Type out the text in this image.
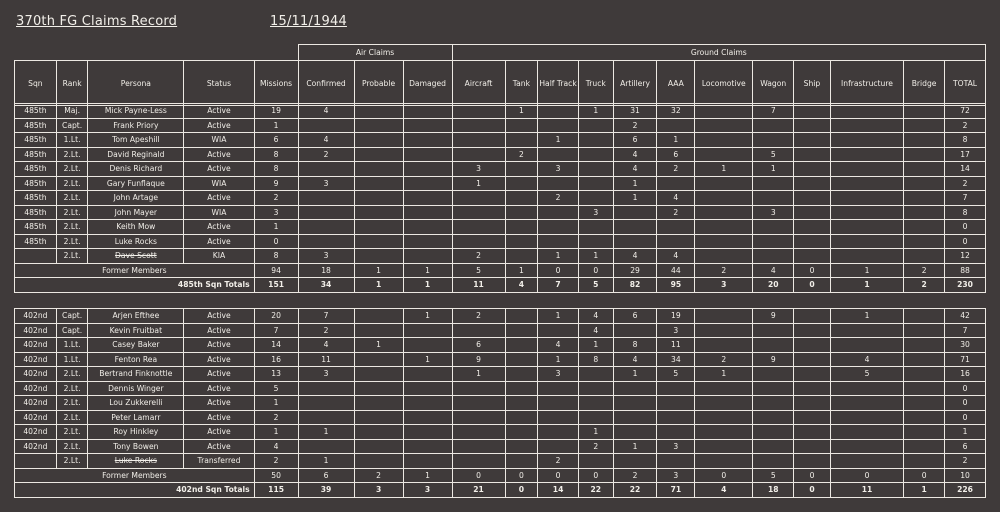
370th FG Claims Record	15/11/1944
					Air Claims			Ground Claims											
Sqn	Rank	Persona	Status	Missions	Confirmed	Probable	Damaged	Aircraft	Tank	Half Track	Truck	Artillery	AAA	Locomotive	Wagon	Ship	Infrastructure	Bridge	TOTAL
485th	Maj.	Mick Payne-Less	Active	19	4				1		1	31	32		7				72
485th	Capt.	Frank Priory	Active	1								2							2
485th	1.Lt.	Tom Apeshill	WIA	6	4					1		6	1						8
485th	2.Lt.	David Reginald	Active	8	2				2			4	6		5				17
485th	2.Lt.	Denis Richard	Active	8				3		3		4	2	1	1				14
485th	2.Lt.	Gary Funflaque	WIA	9	3			1				1							2
485th	2.Lt.	John Artage	Active	2						2		1	4						7
485th	2.Lt.	John Mayer	WIA	3							3		2		3				8
485th	2.Lt.	Keith Mow	Active	1															0
485th	2.Lt.	Luke Rocks	Active	0															0
	2.Lt.	Dave Scott	KIA	8	3			2		1	1	4	4						12
Former Members				94	18	1	1	5	1	0	0	29	44	2	4	0	1	2	88
485th Sqn Totals				151	34	1	1	11	4	7	5	82	95	3	20	0	1	2	230
402nd	Capt.	Arjen Efthee	Active	20	7		1	2		1	4	6	19		9		1		42
402nd	Capt.	Kevin Fruitbat	Active	7	2						4		3						7
402nd	1.Lt.	Casey Baker	Active	14	4	1		6		4	1	8	11						30
402nd	1.Lt.	Fenton Rea	Active	16	11		1	9		1	8	4	34	2	9		4		71
402nd	2.Lt.	Bertrand Finknottle	Active	13	3			1		3		1	5	1			5		16
402nd	2.Lt.	Dennis Winger	Active	5															0
402nd	2.Lt.	Lou Zukkerelli	Active	1															0
402nd	2.Lt.	Peter Lamarr	Active	2															0
402nd	2.Lt.	Roy Hinkley	Active	1	1						1								1
402nd	2.Lt.	Tony Bowen	Active	4							2	1	3						6
	2.Lt.	Luke Rocks	Transferred	2	1					2									2
Former Members				50	6	2	1	0	0	0	0	2	3	0	5	0	0	0	10
402nd Sqn Totals				115	39	3	3	21	0	14	22	22	71	4	18	0	11	1	226
